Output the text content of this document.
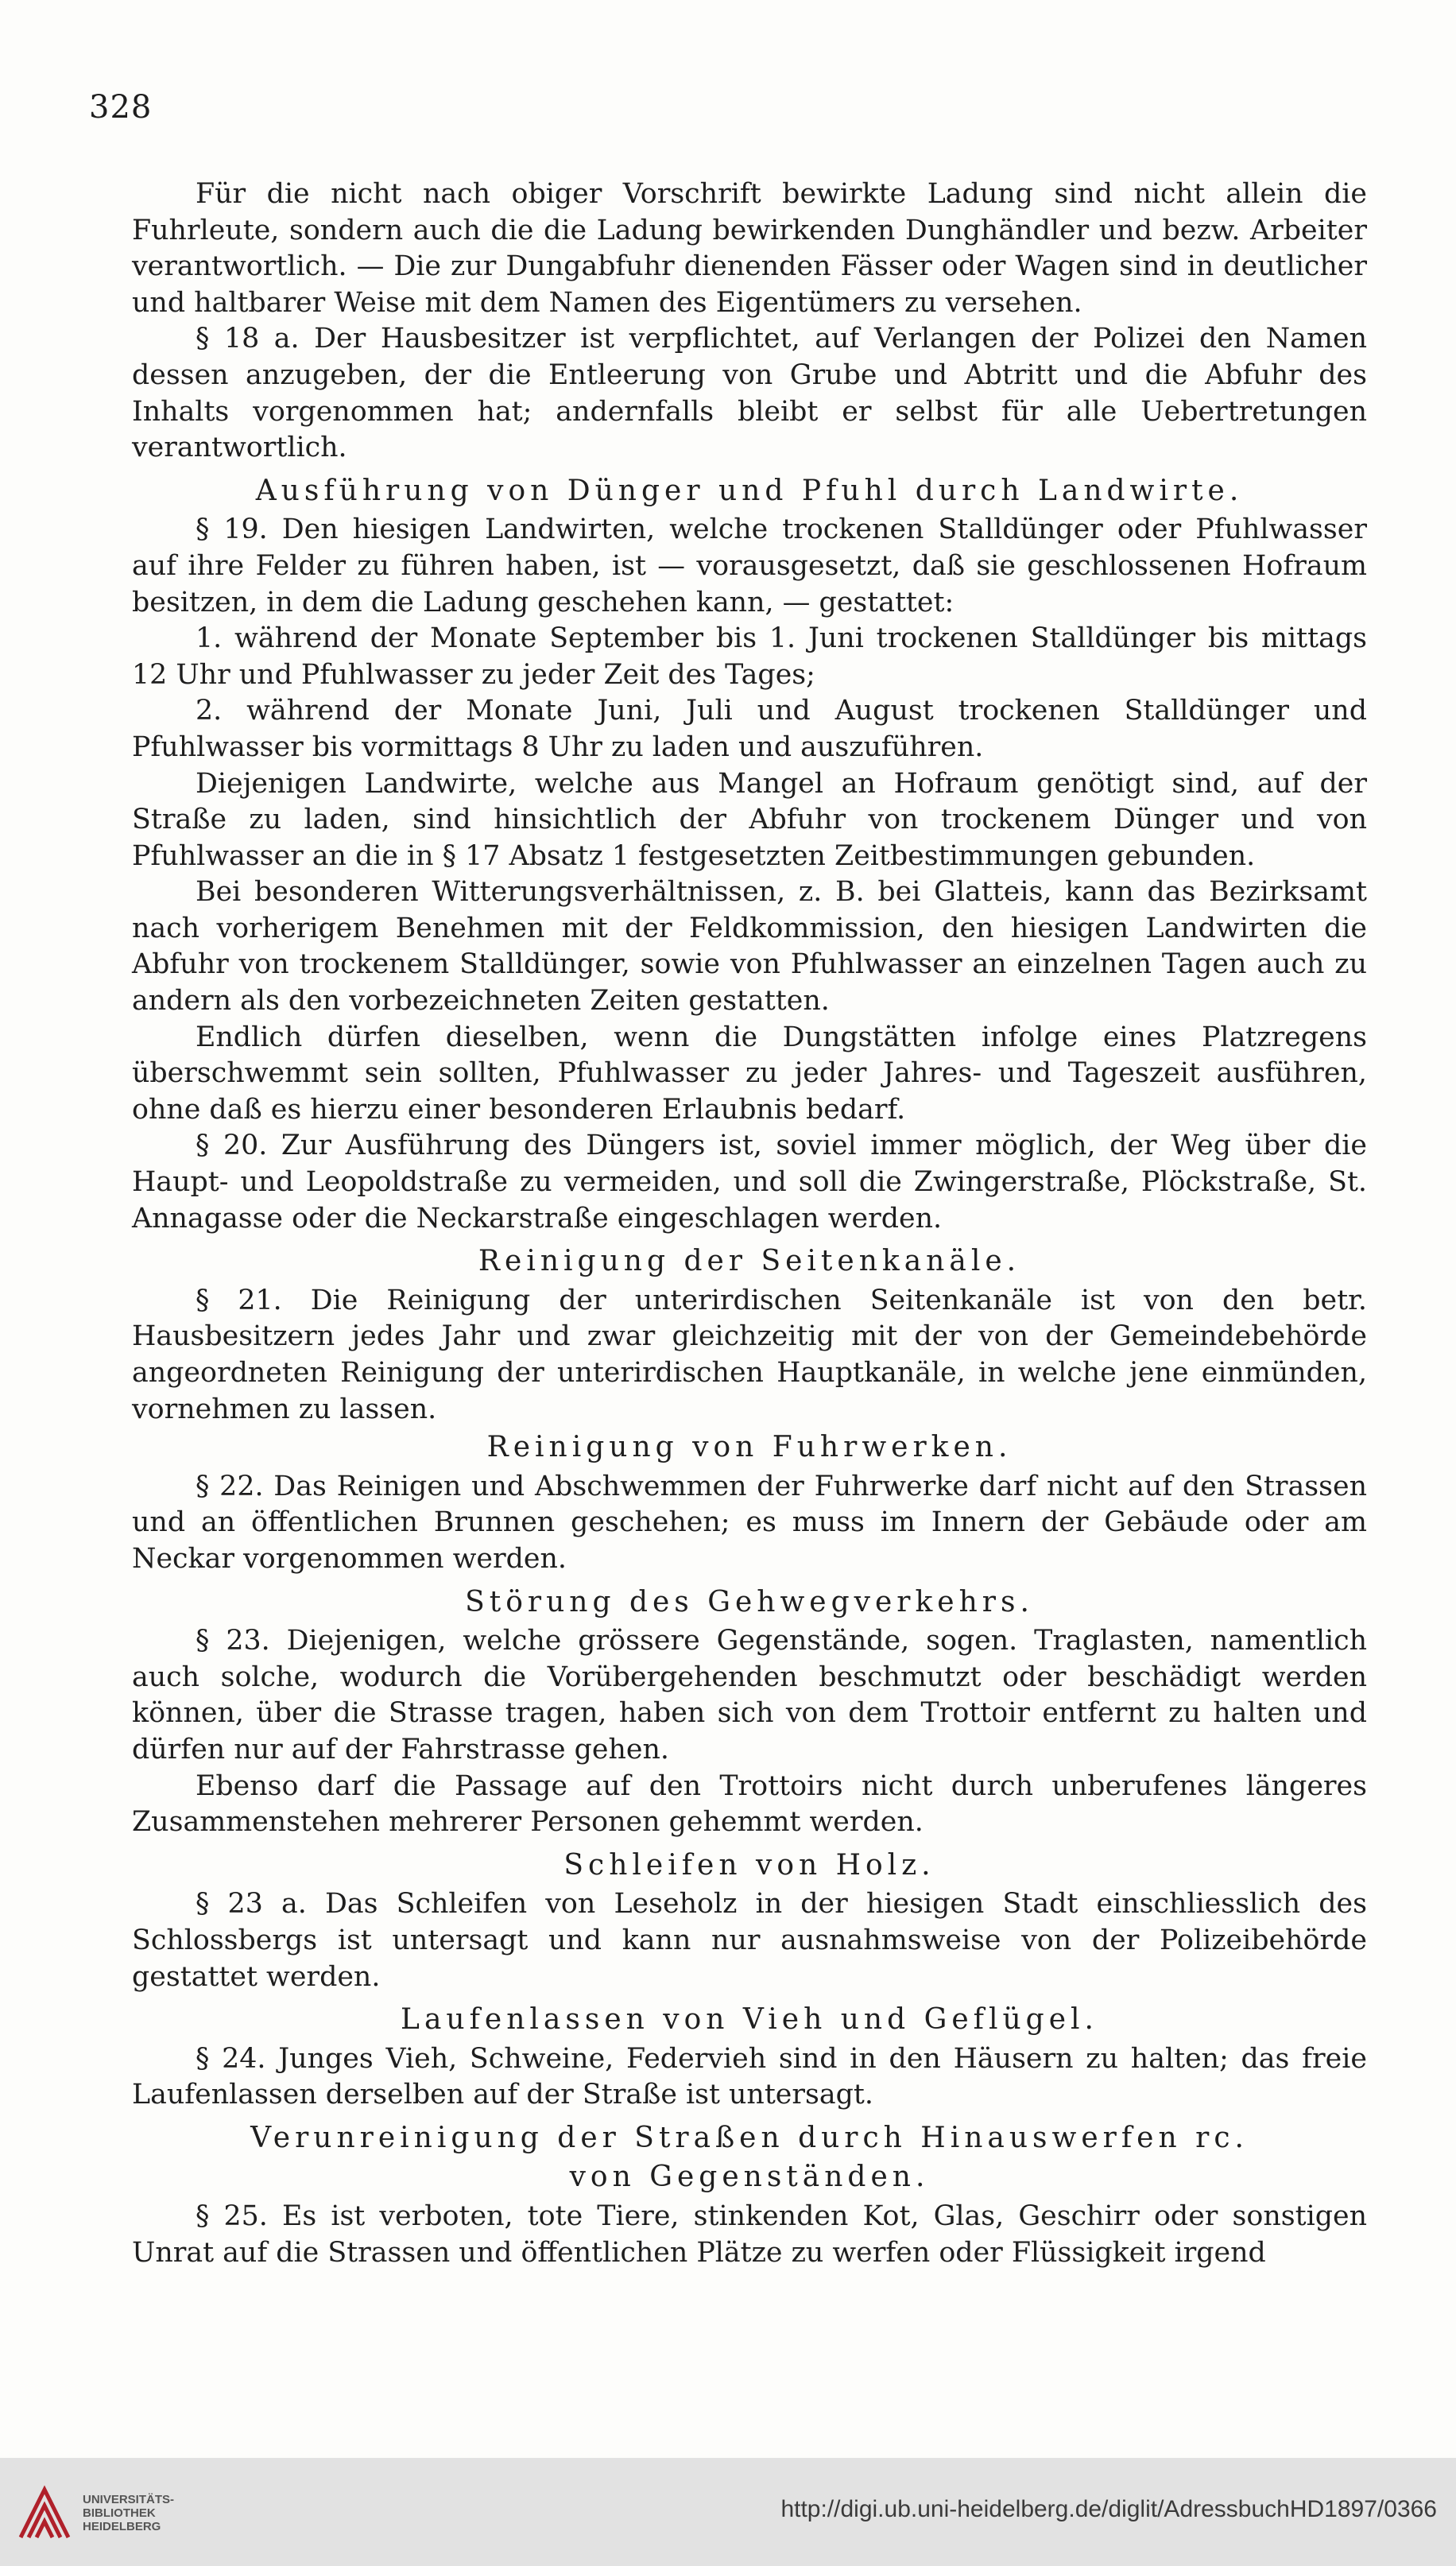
328

Für die nicht nach obiger Vorschrift bewirkte Ladung sind nicht allein die Fuhrleute, sondern auch die die Ladung bewirkenden Dunghändler und bezw. Arbeiter verantwortlich. — Die zur Dungabfuhr dienenden Fässer oder Wagen sind in deutlicher und haltbarer Weise mit dem Namen des Eigentümers zu versehen.

§ 18 a. Der Hausbesitzer ist verpflichtet, auf Verlangen der Polizei den Namen dessen anzugeben, der die Entleerung von Grube und Abtritt und die Abfuhr des Inhalts vorgenommen hat; andernfalls bleibt er selbst für alle Uebertretungen verantwortlich.

Ausführung von Dünger und Pfuhl durch Landwirte.

§ 19. Den hiesigen Landwirten, welche trockenen Stalldünger oder Pfuhlwasser auf ihre Felder zu führen haben, ist — vorausgesetzt, daß sie geschlossenen Hofraum besitzen, in dem die Ladung geschehen kann, — gestattet:

1. während der Monate September bis 1. Juni trockenen Stalldünger bis mittags 12 Uhr und Pfuhlwasser zu jeder Zeit des Tages;

2. während der Monate Juni, Juli und August trockenen Stalldünger und Pfuhlwasser bis vormittags 8 Uhr zu laden und auszuführen.

Diejenigen Landwirte, welche aus Mangel an Hofraum genötigt sind, auf der Straße zu laden, sind hinsichtlich der Abfuhr von trockenem Dünger und von Pfuhlwasser an die in § 17 Absatz 1 festgesetzten Zeitbestimmungen gebunden.

Bei besonderen Witterungsverhältnissen, z. B. bei Glatteis, kann das Bezirksamt nach vorherigem Benehmen mit der Feldkommission, den hiesigen Landwirten die Abfuhr von trockenem Stalldünger, sowie von Pfuhlwasser an einzelnen Tagen auch zu andern als den vorbezeichneten Zeiten gestatten.

Endlich dürfen dieselben, wenn die Dungstätten infolge eines Platzregens überschwemmt sein sollten, Pfuhlwasser zu jeder Jahres- und Tageszeit ausführen, ohne daß es hierzu einer besonderen Erlaubnis bedarf.

§ 20. Zur Ausführung des Düngers ist, soviel immer möglich, der Weg über die Haupt- und Leopoldstraße zu vermeiden, und soll die Zwingerstraße, Plöckstraße, St. Annagasse oder die Neckarstraße eingeschlagen werden.

Reinigung der Seitenkanäle.

§ 21. Die Reinigung der unterirdischen Seitenkanäle ist von den betr. Hausbesitzern jedes Jahr und zwar gleichzeitig mit der von der Gemeindebehörde angeordneten Reinigung der unterirdischen Hauptkanäle, in welche jene einmünden, vornehmen zu lassen.

Reinigung von Fuhrwerken.

§ 22. Das Reinigen und Abschwemmen der Fuhrwerke darf nicht auf den Strassen und an öffentlichen Brunnen geschehen; es muss im Innern der Gebäude oder am Neckar vorgenommen werden.

Störung des Gehwegverkehrs.

§ 23. Diejenigen, welche grössere Gegenstände, sogen. Traglasten, namentlich auch solche, wodurch die Vorübergehenden beschmutzt oder beschädigt werden können, über die Strasse tragen, haben sich von dem Trottoir entfernt zu halten und dürfen nur auf der Fahrstrasse gehen.

Ebenso darf die Passage auf den Trottoirs nicht durch unberufenes längeres Zusammenstehen mehrerer Personen gehemmt werden.

Schleifen von Holz.

§ 23 a. Das Schleifen von Leseholz in der hiesigen Stadt einschliesslich des Schlossbergs ist untersagt und kann nur ausnahmsweise von der Polizeibehörde gestattet werden.

Laufenlassen von Vieh und Geflügel.

§ 24. Junges Vieh, Schweine, Federvieh sind in den Häusern zu halten; das freie Laufenlassen derselben auf der Straße ist untersagt.

Verunreinigung der Straßen durch Hinauswerfen rc.
von Gegenständen.

§ 25. Es ist verboten, tote Tiere, stinkenden Kot, Glas, Geschirr oder sonstigen Unrat auf die Strassen und öffentlichen Plätze zu werfen oder Flüssigkeit irgend

UNIVERSITÄTS-
BIBLIOTHEK
HEIDELBERG
http://digi.ub.uni-heidelberg.de/diglit/AdressbuchHD1897/0366
